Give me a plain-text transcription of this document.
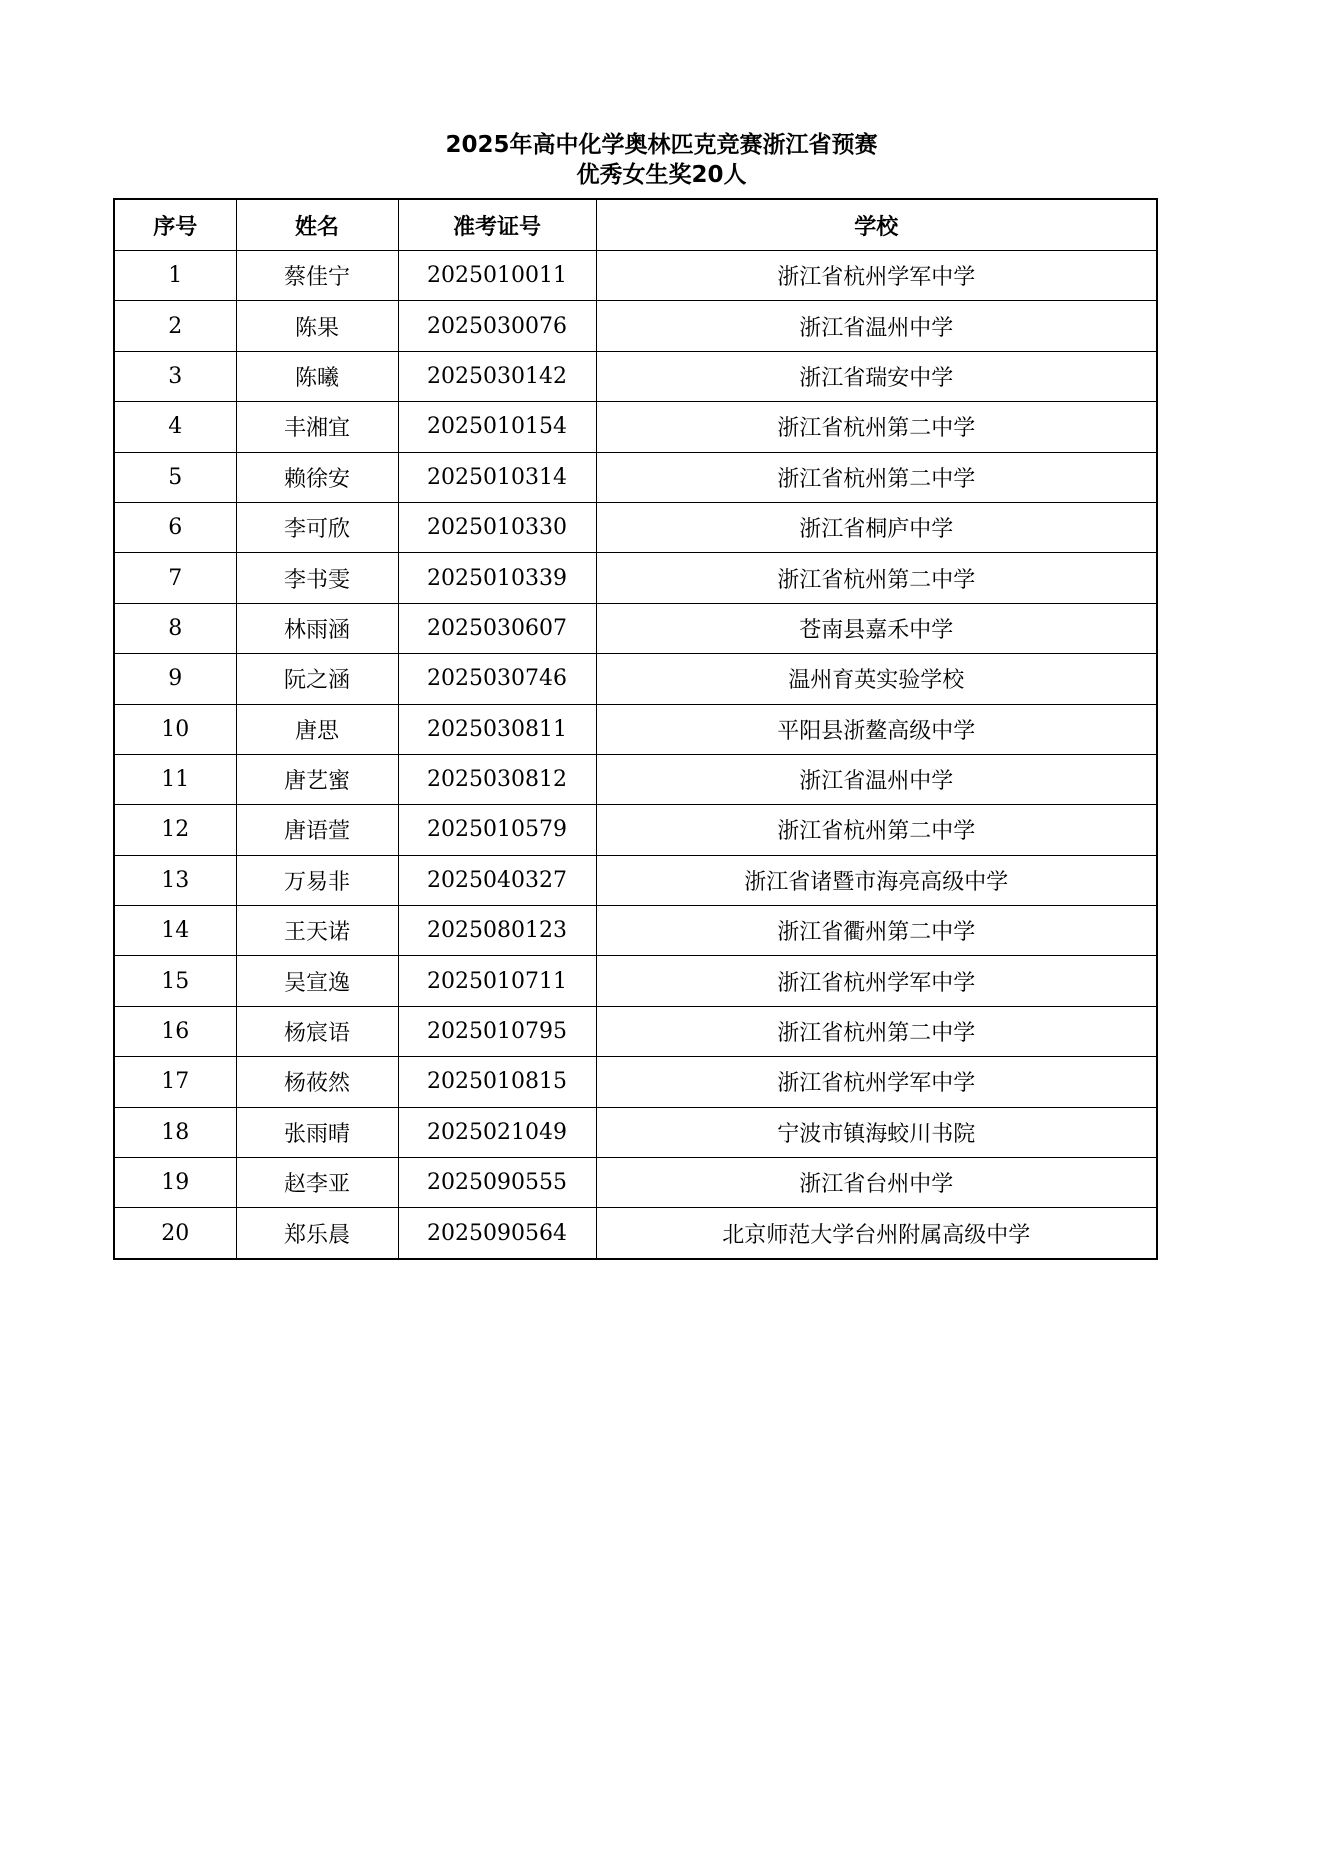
2025年高中化学奥林匹克竞赛浙江省预赛

优秀女生奖20人

序号	姓名	准考证号	学校
1	蔡佳宁	2025010011	浙江省杭州学军中学
2	陈果	2025030076	浙江省温州中学
3	陈曦	2025030142	浙江省瑞安中学
4	丰湘宜	2025010154	浙江省杭州第二中学
5	赖徐安	2025010314	浙江省杭州第二中学
6	李可欣	2025010330	浙江省桐庐中学
7	李书雯	2025010339	浙江省杭州第二中学
8	林雨涵	2025030607	苍南县嘉禾中学
9	阮之涵	2025030746	温州育英实验学校
10	唐思	2025030811	平阳县浙鳌高级中学
11	唐艺蜜	2025030812	浙江省温州中学
12	唐语萱	2025010579	浙江省杭州第二中学
13	万易非	2025040327	浙江省诸暨市海亮高级中学
14	王天诺	2025080123	浙江省衢州第二中学
15	吴宣逸	2025010711	浙江省杭州学军中学
16	杨宸语	2025010795	浙江省杭州第二中学
17	杨莜然	2025010815	浙江省杭州学军中学
18	张雨晴	2025021049	宁波市镇海蛟川书院
19	赵李亚	2025090555	浙江省台州中学
20	郑乐晨	2025090564	北京师范大学台州附属高级中学
